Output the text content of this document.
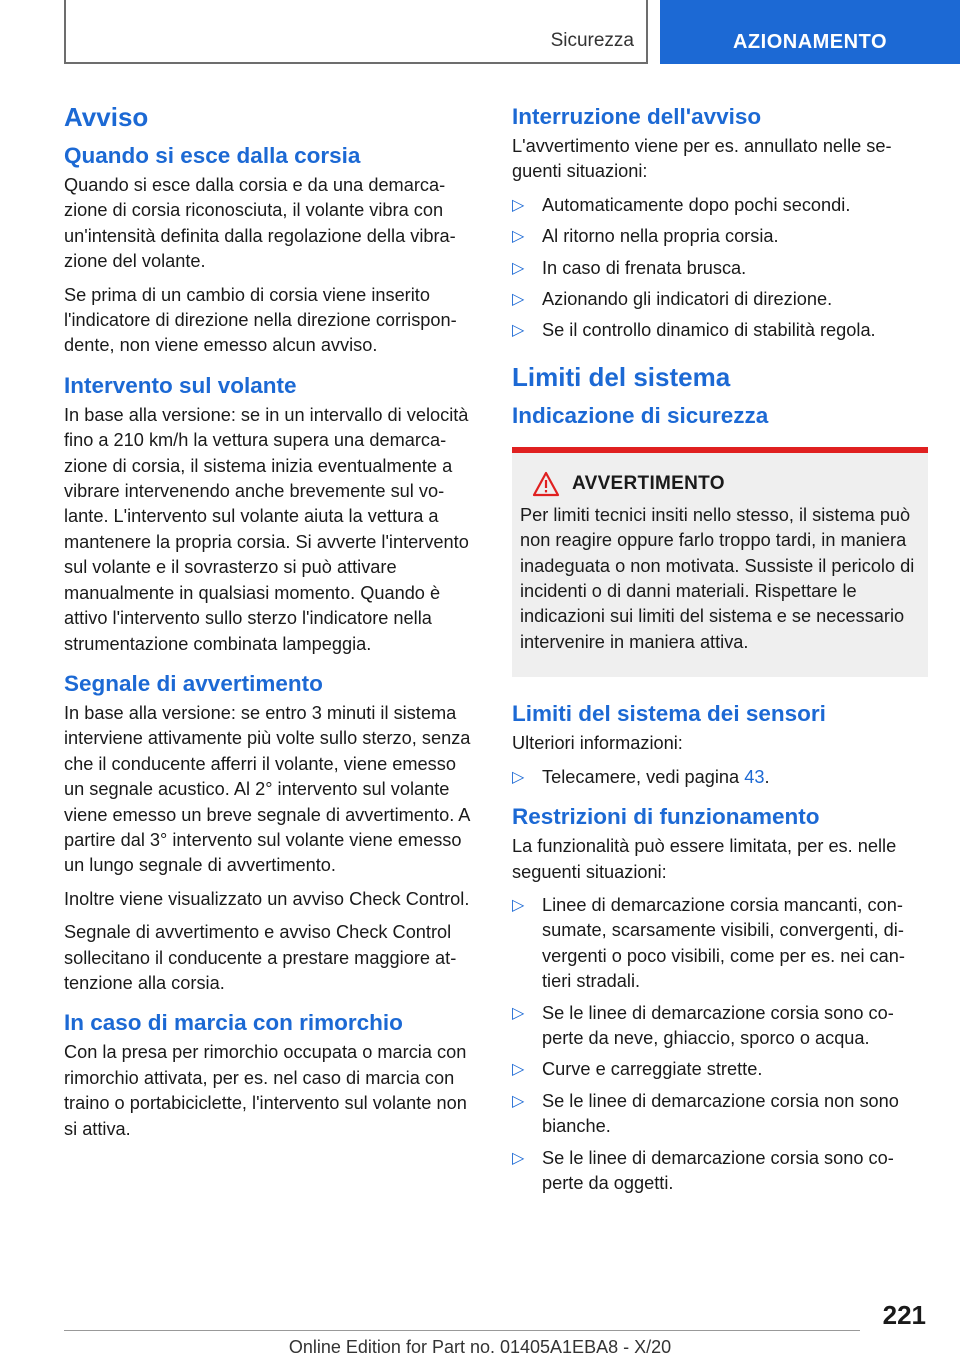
Sicurezza	AZIONAMENTO
Avviso
Quando si esce dalla corsia

Quando si esce dalla corsia e da una demarcazione di corsia riconosciuta, il volante vibra con un'intensità definita dalla regolazione della vibrazione del volante.

Se prima di un cambio di corsia viene inserito l'indicatore di direzione nella direzione corrispondente, non viene emesso alcun avviso.

Intervento sul volante

In base alla versione: se in un intervallo di velocità fino a 210 km/h la vettura supera una demarcazione di corsia, il sistema inizia eventualmente a vibrare intervenendo anche brevemente sul volante. L'intervento sul volante aiuta la vettura a mantenere la propria corsia. Si avverte l'intervento sul volante e il sovrasterzo si può attivare manualmente in qualsiasi momento. Quando è attivo l'intervento sullo sterzo l'indicatore nella strumentazione combinata lampeggia.

Segnale di avvertimento

In base alla versione: se entro 3 minuti il sistema interviene attivamente più volte sullo sterzo, senza che il conducente afferri il volante, viene emesso un segnale acustico. Al 2° intervento sul volante viene emesso un breve segnale di avvertimento. A partire dal 3° intervento sul volante viene emesso un lungo segnale di avvertimento.

Inoltre viene visualizzato un avviso Check Control.

Segnale di avvertimento e avviso Check Control sollecitano il conducente a prestare maggiore attenzione alla corsia.

In caso di marcia con rimorchio

Con la presa per rimorchio occupata o marcia con rimorchio attivata, per es. nel caso di marcia con traino o portabiciclette, l'intervento sul volante non si attiva.

Interruzione dell'avviso

L'avvertimento viene per es. annullato nelle seguenti situazioni:

▷ Automaticamente dopo pochi secondi.
▷ Al ritorno nella propria corsia.
▷ In caso di frenata brusca.
▷ Azionando gli indicatori di direzione.
▷ Se il controllo dinamico di stabilità regola.
Limiti del sistema
Indicazione di sicurezza
AVVERTIMENTO

Per limiti tecnici insiti nello stesso, il sistema può non reagire oppure farlo troppo tardi, in maniera inadeguata o non motivata. Sussiste il pericolo di incidenti o di danni materiali. Rispettare le indicazioni sui limiti del sistema e se necessario intervenire in maniera attiva.

Limiti del sistema dei sensori

Ulteriori informazioni:

▷ Telecamere, vedi pagina 43.
Restrizioni di funzionamento

La funzionalità può essere limitata, per es. nelle seguenti situazioni:

▷ Linee di demarcazione corsia mancanti, consumate, scarsamente visibili, convergenti, divergenti o poco visibili, come per es. nei cantieri stradali.
▷ Se le linee di demarcazione corsia sono coperte da neve, ghiaccio, sporco o acqua.
▷ Curve e carreggiate strette.
▷ Se le linee di demarcazione corsia non sono bianche.
▷ Se le linee di demarcazione corsia sono coperte da oggetti.
221
Online Edition for Part no. 01405A1EBA8 - X/20
